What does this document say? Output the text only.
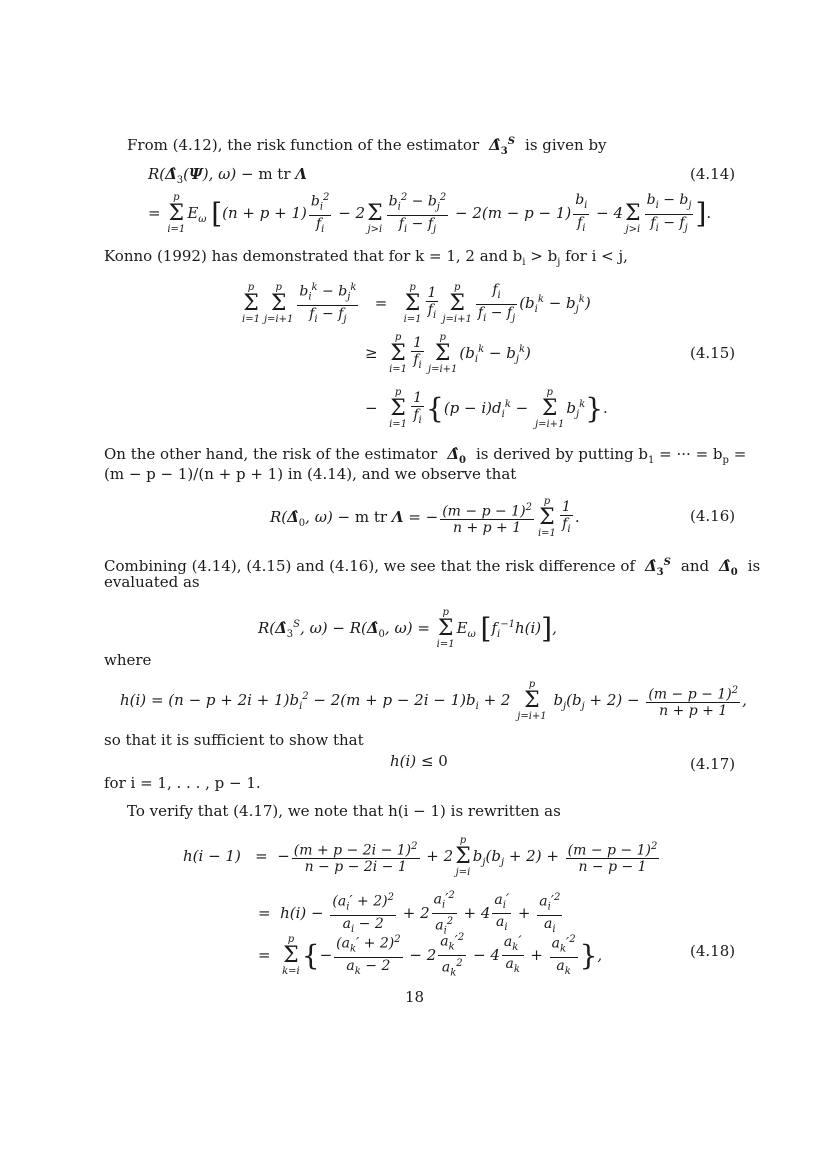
From (4.12), the risk function of the estimator  $\Deltâ_3^S$ is given by
$R(\Deltâ_3(\Psi)$, ω) − m tr Λ	(4.14)
=
p
Σ
i=1
$E_\omega$ [$(n + p + 1) \frac{b_i^2}{f_i} - 2$
Σ
$j>i \frac{b_i^2 - b_j^2}{f_i - f_j} - 2(m - p - 1) \frac{b_i}{f_i} - 4$
Σ
$j>i \frac{b_i - b_j}{f_i - f_j}$ ].
Konno (1992) has demonstrated that for k = 1, 2 and $b_i > b_j$ for i < j,
p
Σ
i=1
p
Σ
$j=i+1 \frac{b_i^k - b_j^k}{f_i - f_j}$ =
p
Σ
$i=1 \frac{1}{f_i}$	p
Σ
$j=i+1 \frac{f_i}{f_i - f_j} (b_i^k - b_j^k)$
≥
p
Σ
$i=1 \frac{1}{f_i}$	p
Σ
j=i+1
$(b_i^k - b_j^k)$	(4.15)
−
p
Σ
$i=1 \frac{1}{f_i} \{(p - i)d_i^k$ −
p
Σ
j=i+1
$b_j^k$}.
On the other hand, the risk of the estimator  $\Deltâ_0$ is derived by putting $b_1$ = ··· = $b_p$ =
(m − p − 1)/(n + p + 1) in (4.14), and we observe that
$R(\Deltâ_0$, ω) − m tr Λ = − $\frac{(m - p - 1)^2}{n + p + 1}$ p
Σ
$i=1 \frac{1}{f_i}$ .	(4.16)
Combining (4.14), (4.15) and (4.16), we see that the risk difference of  $\Deltâ_3^S$ and  $\Deltâ_0$ is
evaluated as
$R(\Deltâ_3^S$, $\omega) - R(\Deltâ_0$, ω) =
p
Σ
i=1
$E_\omega$ $[f_i^{-1}h(i)]$,
where
$h(i) = (n - p + 2i + 1)b_i^2 - 2(m + p - 2i - 1)b_i + 2$
p
Σ
j=i+1
$b_j(b_j + 2) - \frac{(m - p - 1)^2}{n + p + 1}$ ,
so that it is sufficient to show that
h(i) ≤ 0	(4.17)
for i = 1, . . . , p − 1.
To verify that (4.17), we note that h(i − 1) is rewritten as
h(i − 1)   =  − $\frac{(m + p - 2i - 1)^2}{n - p - 2i - 1} + 2$
p
Σ
j=i
$b_j(b_j + 2) + \frac{(m - p - 1)^2}{n - p - 1}$
=  $h(i) - \frac{(a_i' + 2)^2}{a_i - 2} + 2 \frac{a_i'^2}{a_i^2} + 4 \frac{a_i'}{a_i} + \frac{a_i'^2}{a_i}$
=
p
Σ
k=i {− $\frac{(a_k' + 2)^2}{a_k - 2} - 2 \frac{a_k'^2}{a_k^2} - 4 \frac{a_k'}{a_k} + \frac{a_k'^2}{a_k}$ },	(4.18)
18
